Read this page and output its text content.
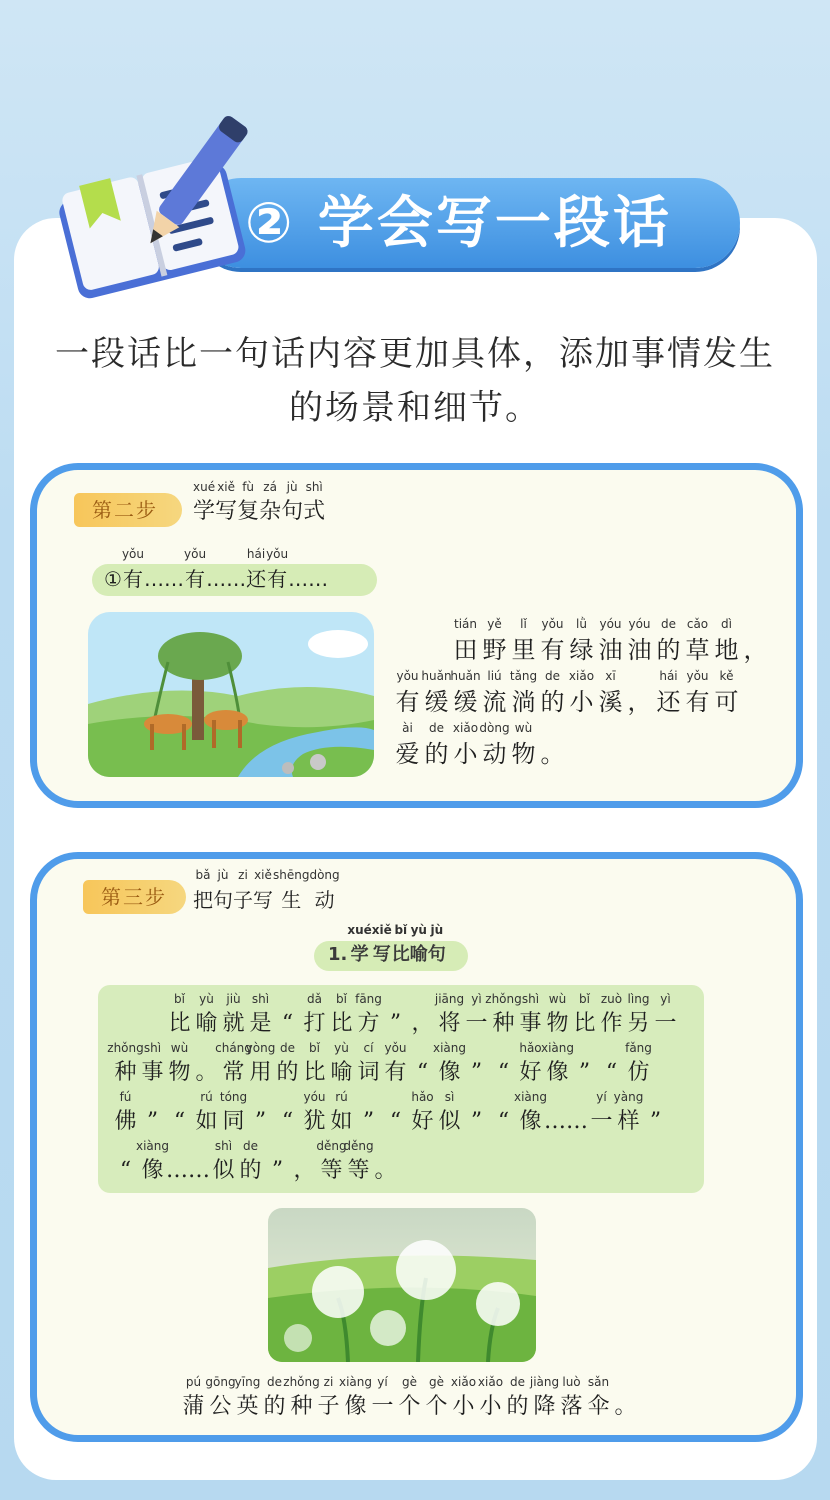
② 学会写一段话
一段话比一句话内容更加具体，添加事情发生
的场景和细节。
第二步
xué
学
xiě
写
fù
复
zá
杂
jù
句
shì
式
①
yǒu
有 ……
yǒu
有 ……
hái
还
yǒu
有 ……

tián
田
yě
野
lǐ
里
yǒu
有
lǜ
绿
yóu
油
yóu
油
de
的
cǎo
草
dì
地 ，
yǒu
有
huǎn
缓
huǎn
缓
liú
流
tǎng
淌
de
的
xiǎo
小
xī
溪 ，
hái
还
yǒu
有
kě
可
ài
爱
de
的
xiǎo
小
dòng
动
wù
物 。
第三步
bǎ
把
jù
句
zi
子
xiě
写
shēng
生
dòng
动
1.
xué
学
xiě
写
bǐ
比
yù
喻
jù
句

bǐ
比
yù
喻
jiù
就
shì
是 “
dǎ
打
bǐ
比
fāng
方 ” ，
jiāng
将
yì
一
zhǒng
种
shì
事
wù
物
bǐ
比
zuò
作
lìng
另
yì
一
zhǒng
种
shì
事
wù
物 。
cháng
常
yòng
用
de
的
bǐ
比
yù
喻
cí
词
yǒu
有 “
xiàng
像 ” “
hǎo
好
xiàng
像 ” “
fǎng
仿
fú
佛 ” “
rú
如
tóng
同 ” “
yóu
犹
rú
如 ” “
hǎo
好
sì
似 ” “
xiàng
像 ……
yí
一
yàng
样 ”
“
xiàng
像 ……
shì
似
de
的 ” ，
děng
等
děng
等 。
pú
蒲
gōng
公
yīng
英
de
的
zhǒng
种
zi
子
xiàng
像
yí
一
gè
个
gè
个
xiǎo
小
xiǎo
小
de
的
jiàng
降
luò
落
sǎn
伞 。
